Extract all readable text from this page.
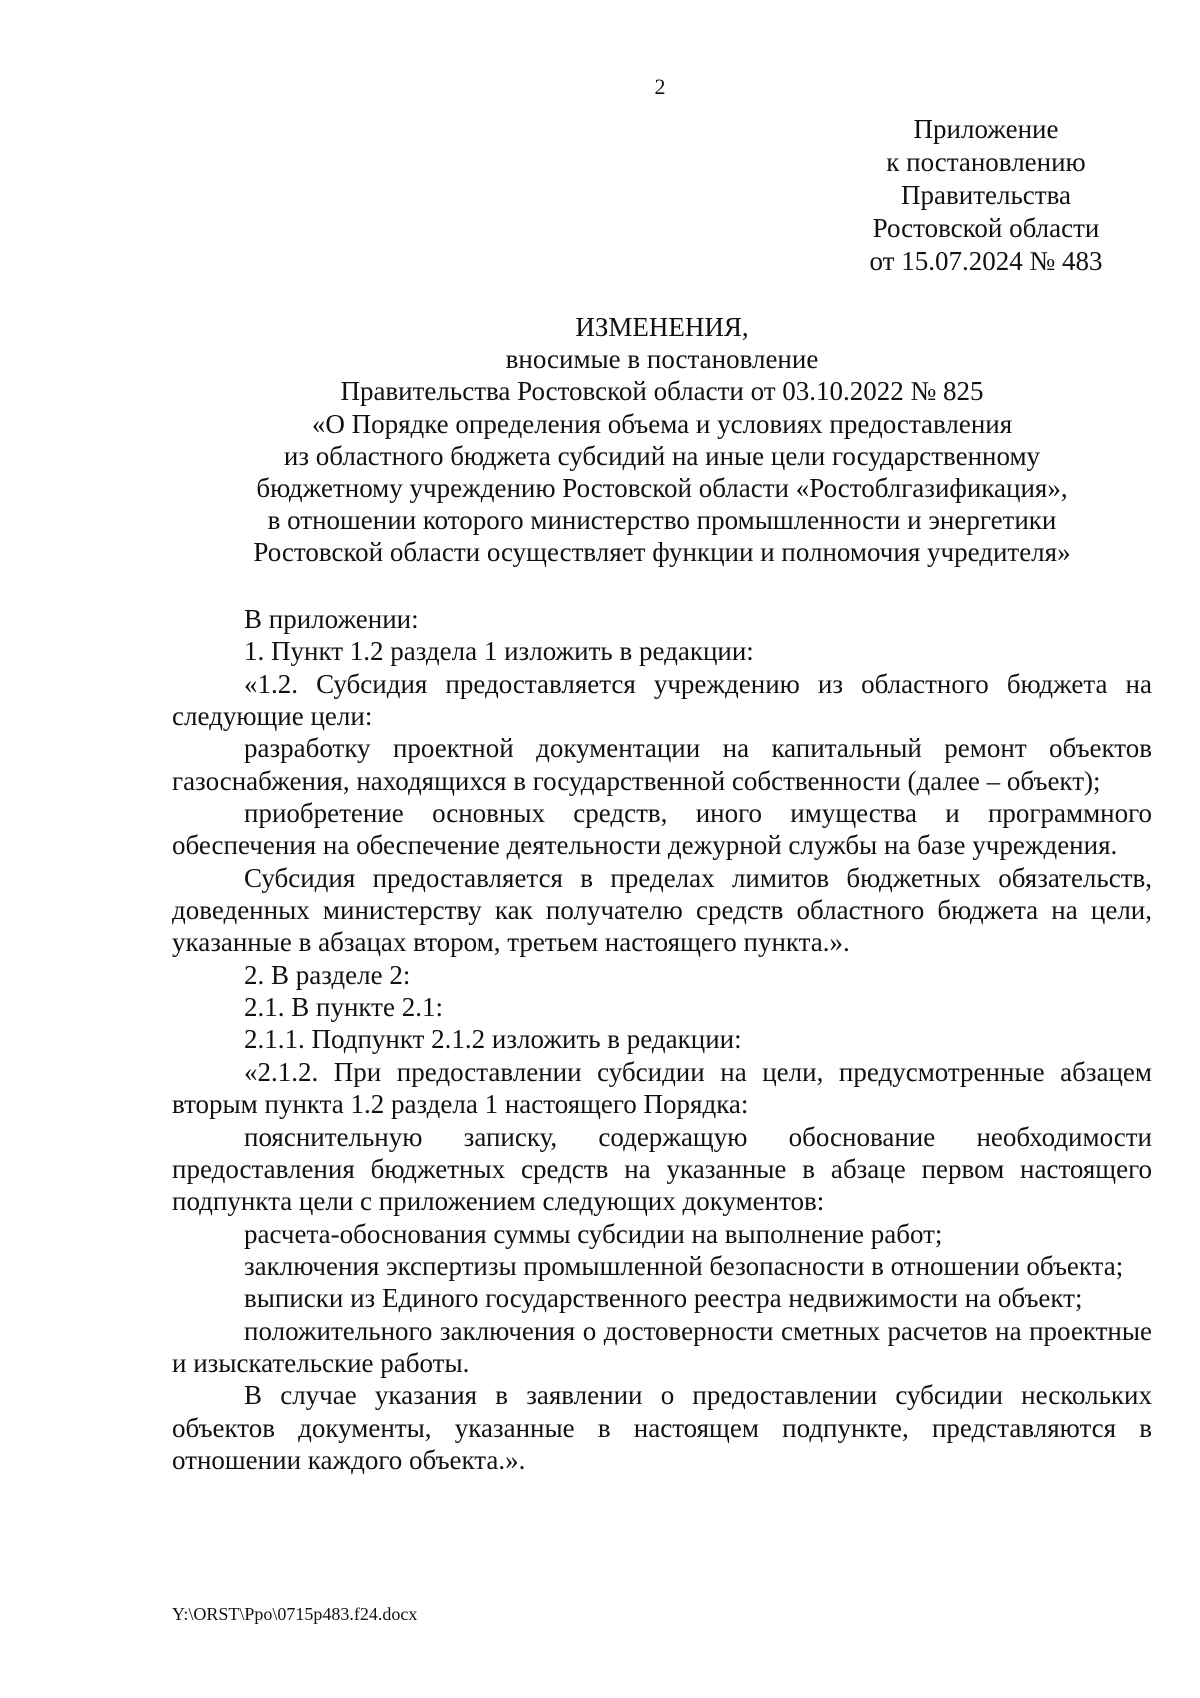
2
Приложение
к постановлению
Правительства
Ростовской области
от 15.07.2024 № 483
ИЗМЕНЕНИЯ,
вносимые в постановление
Правительства Ростовской области от 03.10.2022 № 825
«О Порядке определения объема и условиях предоставления
из областного бюджета субсидий на иные цели государственному
бюджетному учреждению Ростовской области «Ростоблгазификация»,
в отношении которого министерство промышленности и энергетики
Ростовской области осуществляет функции и полномочия учредителя»

В приложении:

1. Пункт 1.2 раздела 1 изложить в редакции:

«1.2. Субсидия предоставляется учреждению из областного бюджета на следующие цели:

разработку проектной документации на капитальный ремонт объектов газоснабжения, находящихся в государственной собственности (далее – объект);

приобретение основных средств, иного имущества и программного обеспечения на обеспечение деятельности дежурной службы на базе учреждения.

Субсидия предоставляется в пределах лимитов бюджетных обязательств, доведенных министерству как получателю средств областного бюджета на цели, указанные в абзацах втором, третьем настоящего пункта.».

2. В разделе 2:

2.1. В пункте 2.1:

2.1.1. Подпункт 2.1.2 изложить в редакции:

«2.1.2. При предоставлении субсидии на цели, предусмотренные абзацем вторым пункта 1.2 раздела 1 настоящего Порядка:

пояснительную записку, содержащую обоснование необходимости предоставления бюджетных средств на указанные в абзаце первом настоящего подпункта цели с приложением следующих документов:

расчета-обоснования суммы субсидии на выполнение работ;

заключения экспертизы промышленной безопасности в отношении объекта;

выписки из Единого государственного реестра недвижимости на объект;

положительного заключения о достоверности сметных расчетов на проектные и изыскательские работы.

В случае указания в заявлении о предоставлении субсидии нескольких объектов документы, указанные в настоящем подпункте, представляются в отношении каждого объекта.».

Y:\ORST\Ppo\0715p483.f24.docx
